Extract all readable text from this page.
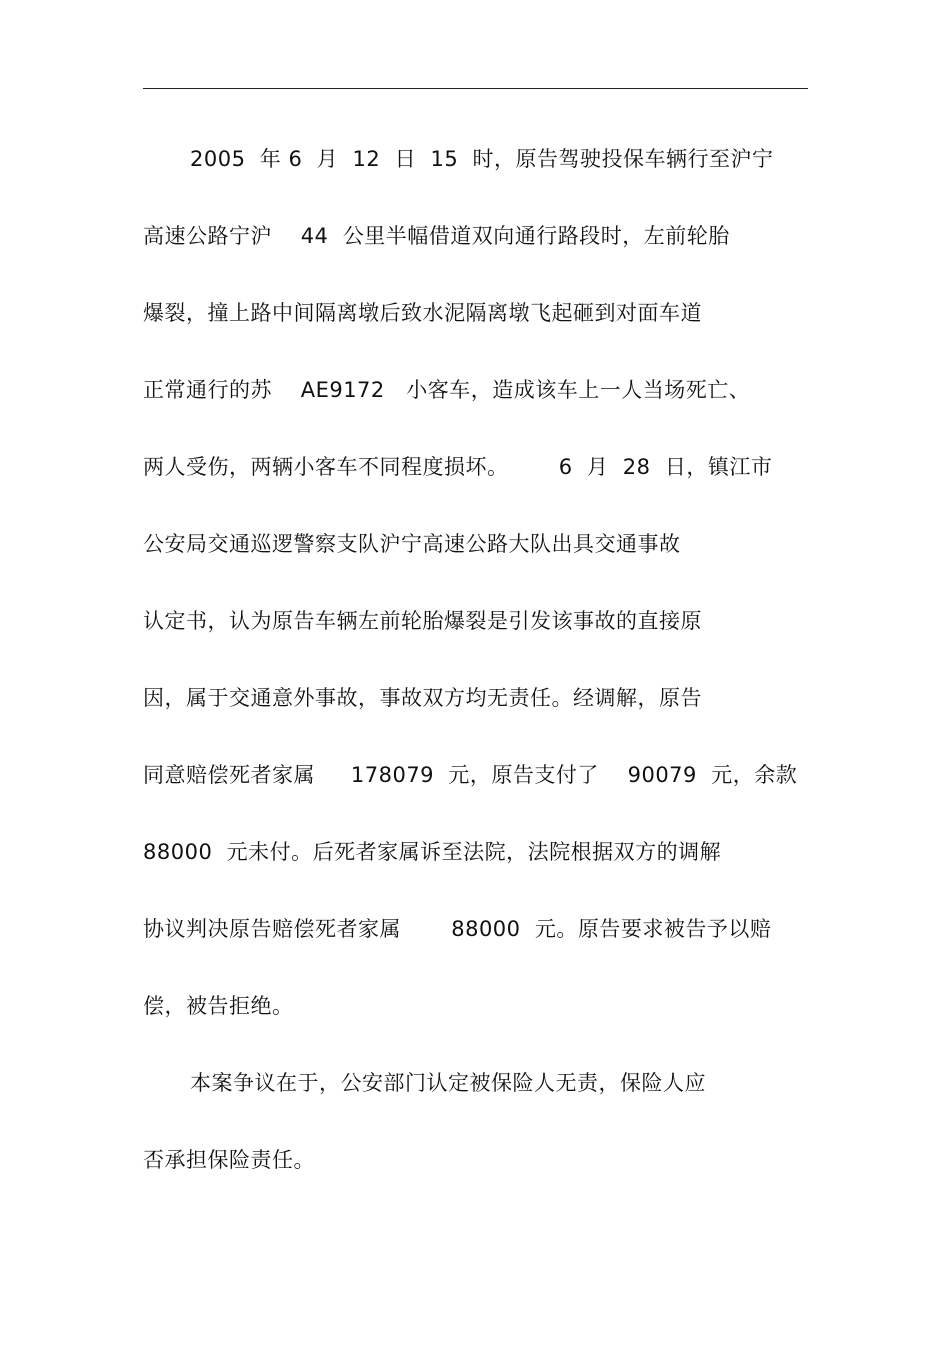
2005  年 6  月  12  日  15  时，原告驾驶投保车辆行至沪宁
高速公路宁沪    44  公里半幅借道双向通行路段时，左前轮胎
爆裂，撞上路中间隔离墩后致水泥隔离墩飞起砸到对面车道
正常通行的苏    AE9172   小客车，造成该车上一人当场死亡、
两人受伤，两辆小客车不同程度损坏。       6  月  28  日，镇江市
公安局交通巡逻警察支队沪宁高速公路大队出具交通事故
认定书，认为原告车辆左前轮胎爆裂是引发该事故的直接原
因，属于交通意外事故，事故双方均无责任。经调解，原告
同意赔偿死者家属     178079  元，原告支付了    90079  元，余款
88000  元未付。后死者家属诉至法院，法院根据双方的调解
协议判决原告赔偿死者家属       88000  元。原告要求被告予以赔
偿，被告拒绝。
本案争议在于，公安部门认定被保险人无责，保险人应
否承担保险责任。
